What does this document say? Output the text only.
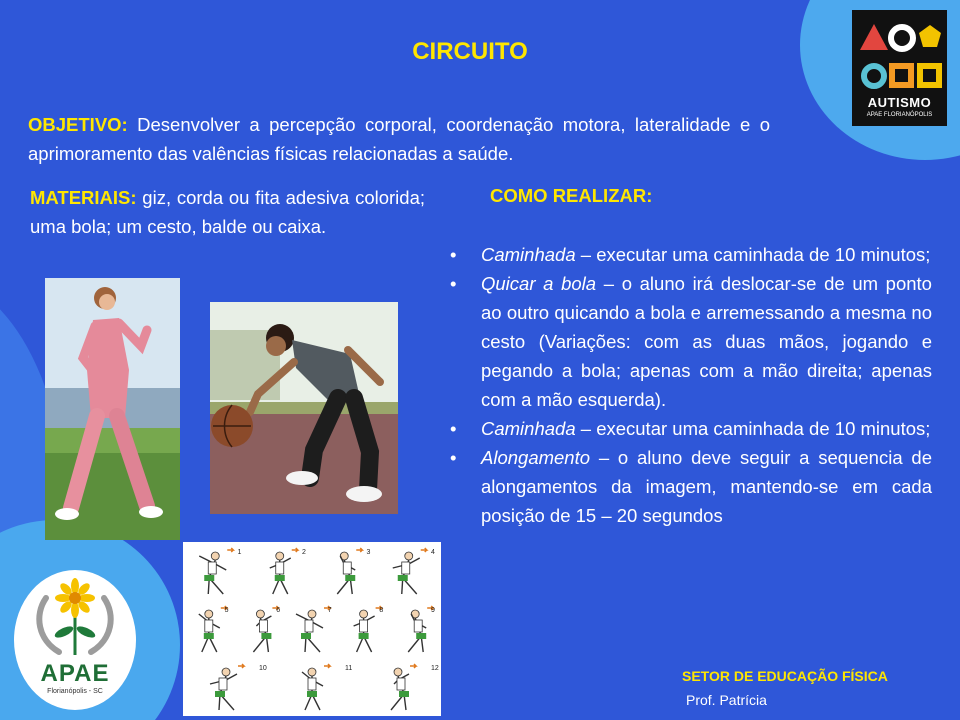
AUTISMO
APAE FLORIANÓPOLIS
APAE
Florianópolis - SC
CIRCUITO
OBJETIVO: Desenvolver a percepção corporal, coordenação motora, lateralidade e o aprimoramento das valências físicas relacionadas a saúde.
MATERIAIS: giz, corda ou fita adesiva colorida; uma bola; um cesto, balde ou caixa.
COMO REALIZAR:
• Caminhada – executar uma caminhada de 10 minutos;
• Quicar a bola – o aluno irá deslocar-se de um ponto ao outro quicando a bola e arremessando a mesma no cesto (Variações: com as duas mãos, jogando e pegando a bola; apenas com a mão direita; apenas com a mão esquerda).
• Caminhada – executar uma caminhada de 10 minutos;
• Alongamento – o aluno deve seguir a sequencia de alongamentos da imagem, mantendo-se em cada posição de 15 – 20 segundos
1	2	3	4
5	6	7	8	9
10	11	12	SETOR DE EDUCAÇÃO FÍSICA
Prof. Patrícia
